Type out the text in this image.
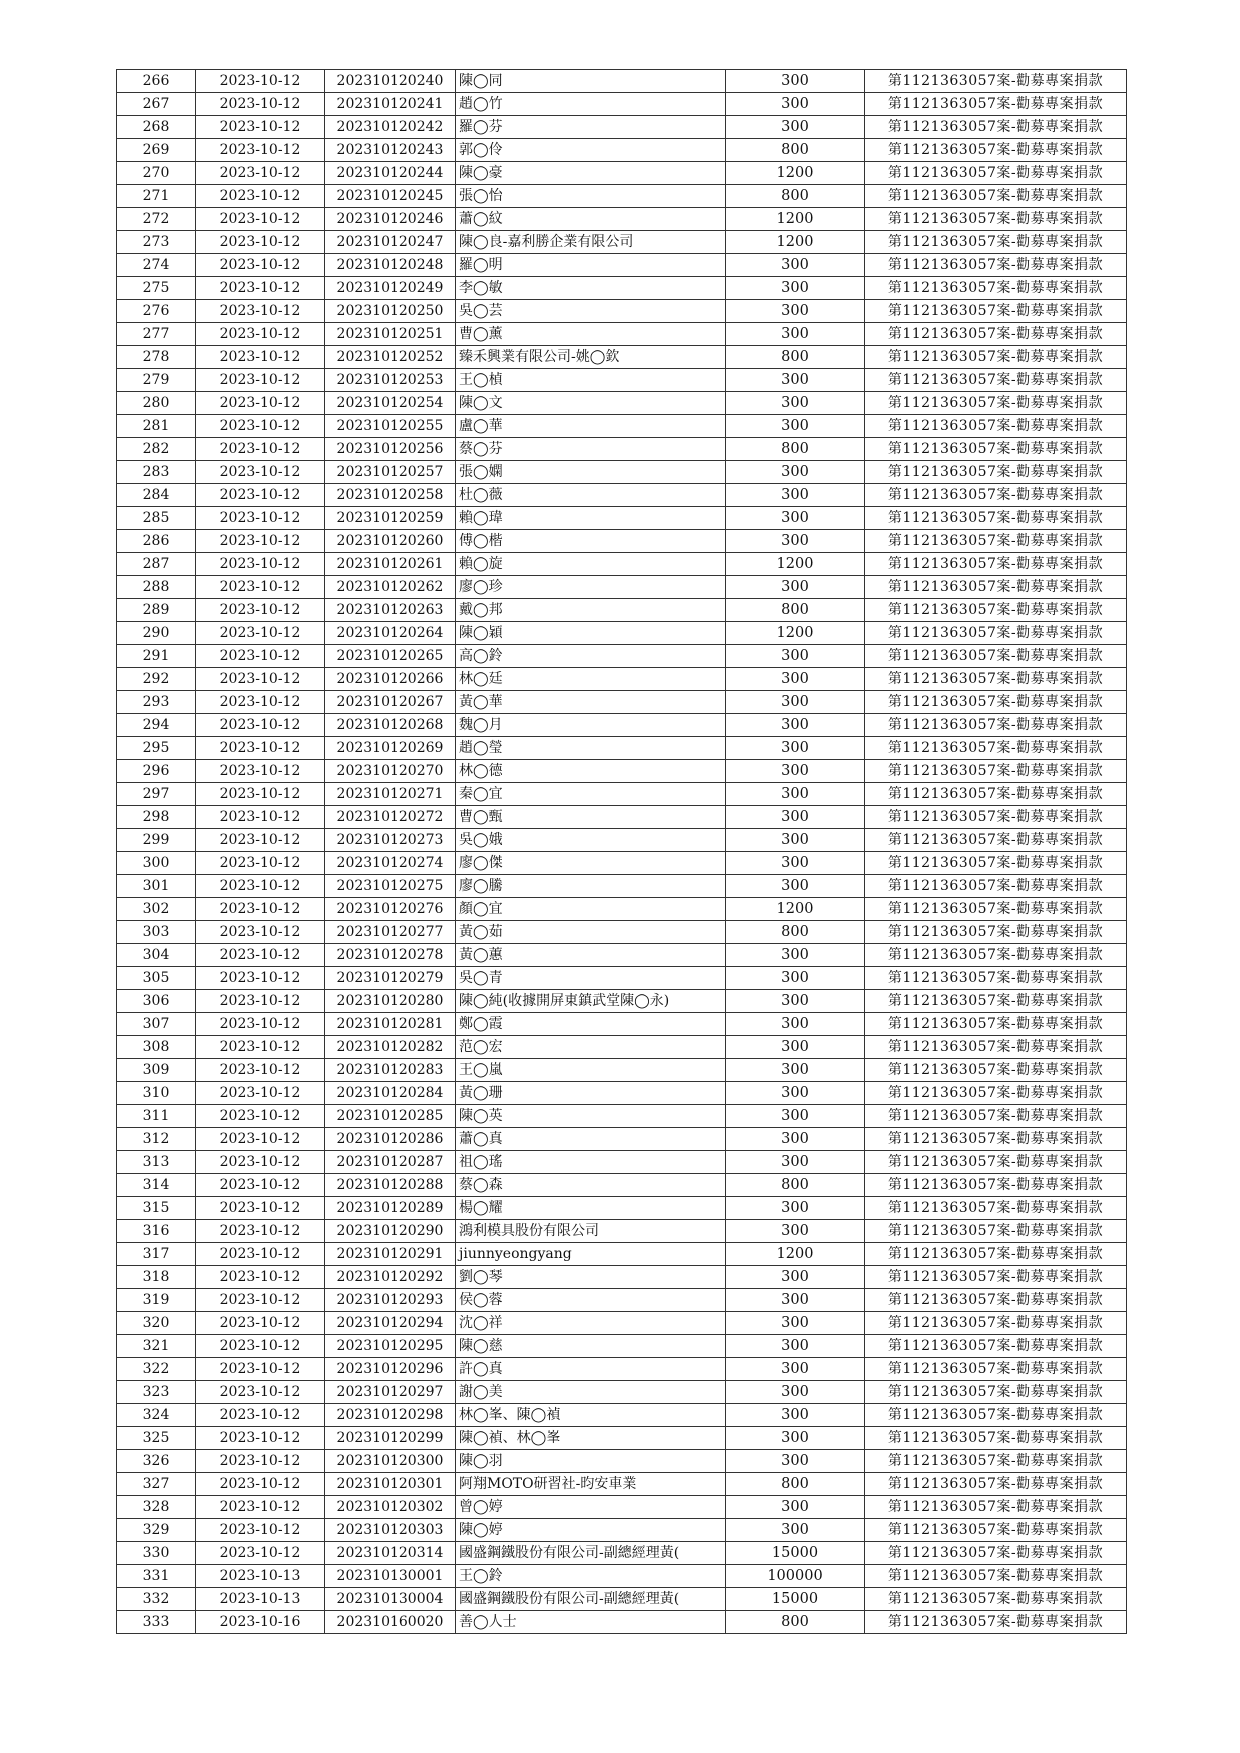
266	2023-10-12	202310120240	陳◯同	300	第1121363057案-勸募專案捐款
267	2023-10-12	202310120241	趙◯竹	300	第1121363057案-勸募專案捐款
268	2023-10-12	202310120242	羅◯芬	300	第1121363057案-勸募專案捐款
269	2023-10-12	202310120243	郭◯伶	800	第1121363057案-勸募專案捐款
270	2023-10-12	202310120244	陳◯豪	1200	第1121363057案-勸募專案捐款
271	2023-10-12	202310120245	張◯怡	800	第1121363057案-勸募專案捐款
272	2023-10-12	202310120246	蕭◯紋	1200	第1121363057案-勸募專案捐款
273	2023-10-12	202310120247	陳◯良-嘉利勝企業有限公司	1200	第1121363057案-勸募專案捐款
274	2023-10-12	202310120248	羅◯明	300	第1121363057案-勸募專案捐款
275	2023-10-12	202310120249	李◯敏	300	第1121363057案-勸募專案捐款
276	2023-10-12	202310120250	吳◯芸	300	第1121363057案-勸募專案捐款
277	2023-10-12	202310120251	曹◯薰	300	第1121363057案-勸募專案捐款
278	2023-10-12	202310120252	臻禾興業有限公司-姚◯欽	800	第1121363057案-勸募專案捐款
279	2023-10-12	202310120253	王◯楨	300	第1121363057案-勸募專案捐款
280	2023-10-12	202310120254	陳◯文	300	第1121363057案-勸募專案捐款
281	2023-10-12	202310120255	盧◯華	300	第1121363057案-勸募專案捐款
282	2023-10-12	202310120256	蔡◯芬	800	第1121363057案-勸募專案捐款
283	2023-10-12	202310120257	張◯嫻	300	第1121363057案-勸募專案捐款
284	2023-10-12	202310120258	杜◯薇	300	第1121363057案-勸募專案捐款
285	2023-10-12	202310120259	賴◯瑋	300	第1121363057案-勸募專案捐款
286	2023-10-12	202310120260	傅◯楷	300	第1121363057案-勸募專案捐款
287	2023-10-12	202310120261	賴◯旋	1200	第1121363057案-勸募專案捐款
288	2023-10-12	202310120262	廖◯珍	300	第1121363057案-勸募專案捐款
289	2023-10-12	202310120263	戴◯邦	800	第1121363057案-勸募專案捐款
290	2023-10-12	202310120264	陳◯穎	1200	第1121363057案-勸募專案捐款
291	2023-10-12	202310120265	高◯鈴	300	第1121363057案-勸募專案捐款
292	2023-10-12	202310120266	林◯廷	300	第1121363057案-勸募專案捐款
293	2023-10-12	202310120267	黃◯華	300	第1121363057案-勸募專案捐款
294	2023-10-12	202310120268	魏◯月	300	第1121363057案-勸募專案捐款
295	2023-10-12	202310120269	趙◯瑩	300	第1121363057案-勸募專案捐款
296	2023-10-12	202310120270	林◯德	300	第1121363057案-勸募專案捐款
297	2023-10-12	202310120271	秦◯宜	300	第1121363057案-勸募專案捐款
298	2023-10-12	202310120272	曹◯甄	300	第1121363057案-勸募專案捐款
299	2023-10-12	202310120273	吳◯娥	300	第1121363057案-勸募專案捐款
300	2023-10-12	202310120274	廖◯傑	300	第1121363057案-勸募專案捐款
301	2023-10-12	202310120275	廖◯騰	300	第1121363057案-勸募專案捐款
302	2023-10-12	202310120276	顏◯宜	1200	第1121363057案-勸募專案捐款
303	2023-10-12	202310120277	黃◯茹	800	第1121363057案-勸募專案捐款
304	2023-10-12	202310120278	黃◯蕙	300	第1121363057案-勸募專案捐款
305	2023-10-12	202310120279	吳◯青	300	第1121363057案-勸募專案捐款
306	2023-10-12	202310120280	陳◯純(收據開屏東鎮武堂陳◯永)	300	第1121363057案-勸募專案捐款
307	2023-10-12	202310120281	鄭◯霞	300	第1121363057案-勸募專案捐款
308	2023-10-12	202310120282	范◯宏	300	第1121363057案-勸募專案捐款
309	2023-10-12	202310120283	王◯嵐	300	第1121363057案-勸募專案捐款
310	2023-10-12	202310120284	黃◯珊	300	第1121363057案-勸募專案捐款
311	2023-10-12	202310120285	陳◯英	300	第1121363057案-勸募專案捐款
312	2023-10-12	202310120286	蕭◯真	300	第1121363057案-勸募專案捐款
313	2023-10-12	202310120287	祖◯瑤	300	第1121363057案-勸募專案捐款
314	2023-10-12	202310120288	蔡◯森	800	第1121363057案-勸募專案捐款
315	2023-10-12	202310120289	楊◯耀	300	第1121363057案-勸募專案捐款
316	2023-10-12	202310120290	鴻利模具股份有限公司	300	第1121363057案-勸募專案捐款
317	2023-10-12	202310120291	jiunnyeongyang	1200	第1121363057案-勸募專案捐款
318	2023-10-12	202310120292	劉◯琴	300	第1121363057案-勸募專案捐款
319	2023-10-12	202310120293	侯◯蓉	300	第1121363057案-勸募專案捐款
320	2023-10-12	202310120294	沈◯祥	300	第1121363057案-勸募專案捐款
321	2023-10-12	202310120295	陳◯慈	300	第1121363057案-勸募專案捐款
322	2023-10-12	202310120296	許◯真	300	第1121363057案-勸募專案捐款
323	2023-10-12	202310120297	謝◯美	300	第1121363057案-勸募專案捐款
324	2023-10-12	202310120298	林◯峯、陳◯禎	300	第1121363057案-勸募專案捐款
325	2023-10-12	202310120299	陳◯禎、林◯峯	300	第1121363057案-勸募專案捐款
326	2023-10-12	202310120300	陳◯羽	300	第1121363057案-勸募專案捐款
327	2023-10-12	202310120301	阿翔MOTO研習社-昀安車業	800	第1121363057案-勸募專案捐款
328	2023-10-12	202310120302	曾◯婷	300	第1121363057案-勸募專案捐款
329	2023-10-12	202310120303	陳◯婷	300	第1121363057案-勸募專案捐款
330	2023-10-12	202310120314	國盛鋼鐵股份有限公司-副總經理黃(	15000	第1121363057案-勸募專案捐款
331	2023-10-13	202310130001	王◯鈴	100000	第1121363057案-勸募專案捐款
332	2023-10-13	202310130004	國盛鋼鐵股份有限公司-副總經理黃(	15000	第1121363057案-勸募專案捐款
333	2023-10-16	202310160020	善◯人士	800	第1121363057案-勸募專案捐款
